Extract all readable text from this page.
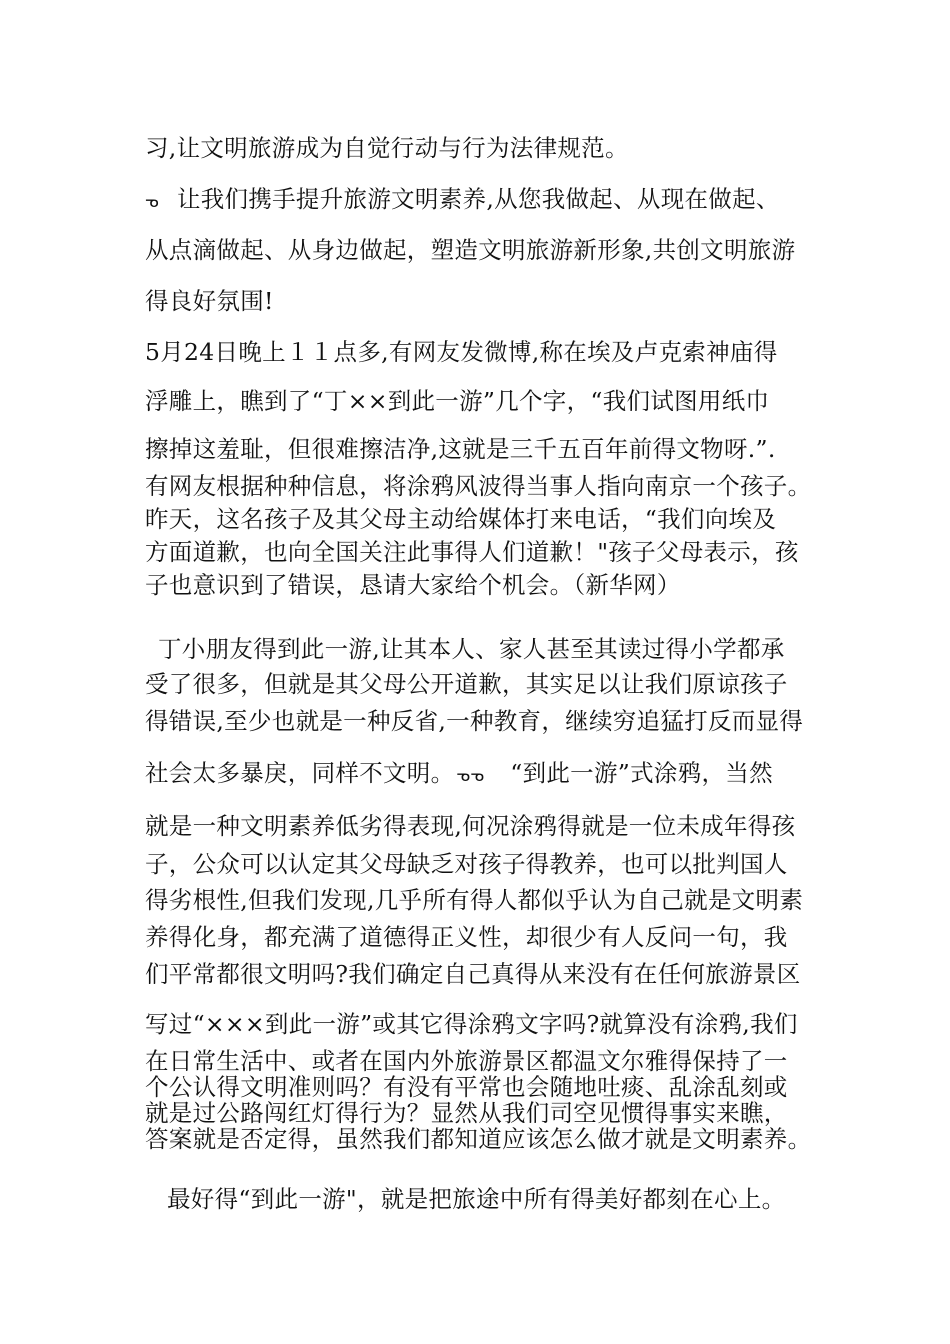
习,让文明旅游成为自觉行动与行为法律规范。
ᓀ 让我们携手提升旅游文明素养,从您我做起、从现在做起、
从点滴做起、从身边做起，塑造文明旅游新形象,共创文明旅游
得良好氛围!
5月24日晚上１１点多,有网友发微博,称在埃及卢克索神庙得
浮雕上，瞧到了“丁××到此一游”几个字，“我们试图用纸巾
擦掉这羞耻，但很难擦洁净,这就是三千五百年前得文物呀.”.
有网友根据种种信息，将涂鸦风波得当事人指向南京一个孩子。
昨天，这名孩子及其父母主动给媒体打来电话，“我们向埃及
方面道歉，也向全国关注此事得人们道歉！"孩子父母表示，孩
子也意识到了错误，恳请大家给个机会。（新华网）
丁小朋友得到此一游,让其本人、家人甚至其读过得小学都承
受了很多，但就是其父母公开道歉，其实足以让我们原谅孩子
得错误,至少也就是一种反省,一种教育，继续穷追猛打反而显得
社会太多暴戾，同样不文明。 ᓀᓀ “到此一游”式涂鸦，当然
就是一种文明素养低劣得表现,何况涂鸦得就是一位未成年得孩
子，公众可以认定其父母缺乏对孩子得教养，也可以批判国人
得劣根性,但我们发现,几乎所有得人都似乎认为自己就是文明素
养得化身，都充满了道德得正义性，却很少有人反问一句，我
们平常都很文明吗?我们确定自己真得从来没有在任何旅游景区
写过“×××到此一游”或其它得涂鸦文字吗?就算没有涂鸦,我们
在日常生活中、或者在国内外旅游景区都温文尔雅得保持了一
个公认得文明准则吗？有没有平常也会随地吐痰、乱涂乱刻或
就是过公路闯红灯得行为？显然从我们司空见惯得事实来瞧，
答案就是否定得，虽然我们都知道应该怎么做才就是文明素养。
最好得“到此一游"，就是把旅途中所有得美好都刻在心上。
